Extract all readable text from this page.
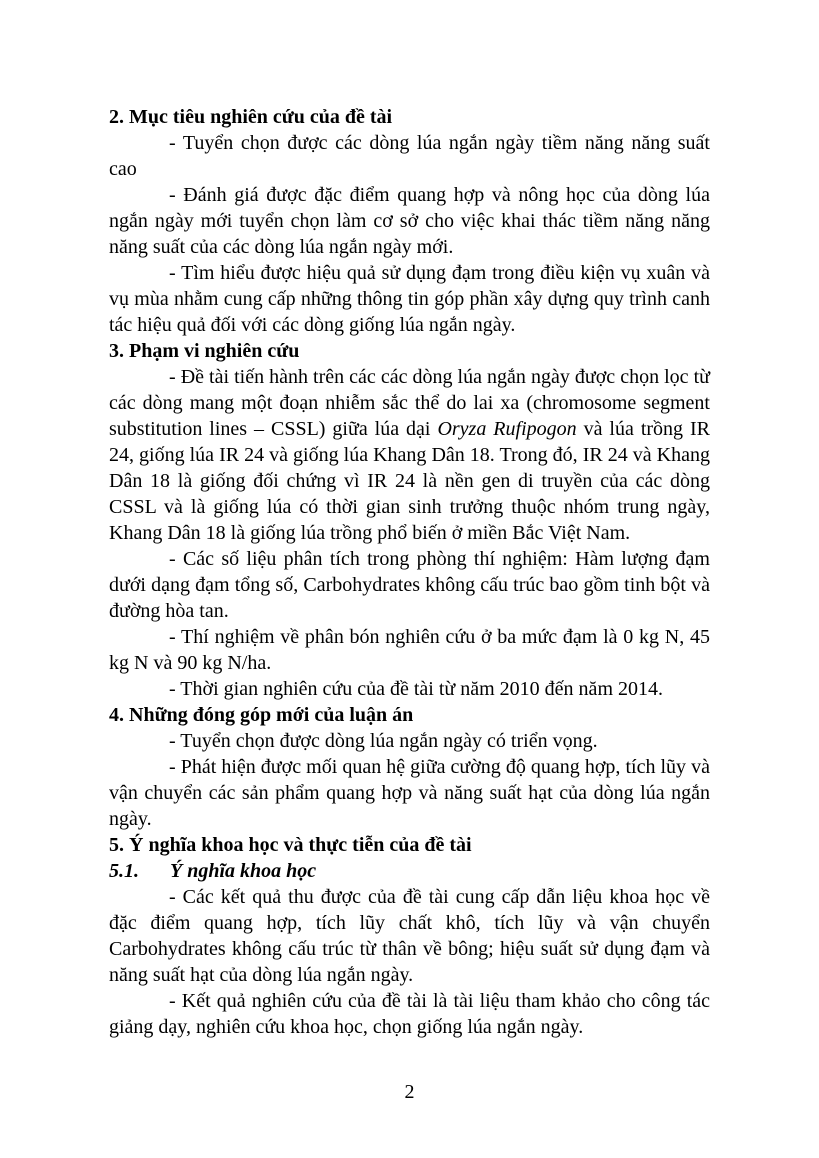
2. Mục tiêu nghiên cứu của đề tài

- Tuyển chọn được các dòng lúa ngắn ngày tiềm năng năng suất cao

- Đánh giá được đặc điểm quang hợp và nông học của dòng lúa ngắn ngày mới tuyển chọn làm cơ sở cho việc khai thác tiềm năng năng năng suất của các dòng lúa ngắn ngày mới.

- Tìm hiểu được hiệu quả sử dụng đạm trong điều kiện vụ xuân và vụ mùa nhằm cung cấp những thông tin góp phần xây dựng quy trình canh tác hiệu quả đối với các dòng giống lúa ngắn ngày.

3. Phạm vi nghiên cứu

- Đề tài tiến hành trên các các dòng lúa ngắn ngày được chọn lọc từ các dòng mang một đoạn nhiễm sắc thể do lai xa (chromosome segment substitution lines – CSSL) giữa lúa dại Oryza Rufipogon và lúa trồng IR 24, giống lúa IR 24 và giống lúa Khang Dân 18. Trong đó, IR 24 và Khang Dân 18 là giống đối chứng vì IR 24 là nền gen di truyền của các dòng CSSL và là giống lúa có thời gian sinh trưởng thuộc nhóm trung ngày, Khang Dân 18 là giống lúa trồng phổ biến ở miền Bắc Việt Nam.

- Các số liệu phân tích trong phòng thí nghiệm: Hàm lượng đạm dưới dạng đạm tổng số, Carbohydrates không cấu trúc bao gồm tinh bột và đường hòa tan.

- Thí nghiệm về phân bón nghiên cứu ở ba mức đạm là 0 kg N, 45 kg N và 90 kg N/ha.

- Thời gian nghiên cứu của đề tài từ năm 2010 đến năm 2014.

4. Những đóng góp mới của luận án

- Tuyển chọn được dòng lúa ngắn ngày có triển vọng.

- Phát hiện được mối quan hệ giữa cường độ quang hợp, tích lũy và vận chuyển các sản phẩm quang hợp và năng suất hạt của dòng lúa ngắn ngày.

5. Ý nghĩa khoa học và thực tiễn của đề tài

5.1. Ý nghĩa khoa học

- Các kết quả thu được của đề tài cung cấp dẫn liệu khoa học về đặc điểm quang hợp, tích lũy chất khô, tích lũy và vận chuyển Carbohydrates không cấu trúc từ thân về bông; hiệu suất sử dụng đạm và năng suất hạt của dòng lúa ngắn ngày.

- Kết quả nghiên cứu của đề tài là tài liệu tham khảo cho công tác giảng dạy, nghiên cứu khoa học, chọn giống lúa ngắn ngày.

2
